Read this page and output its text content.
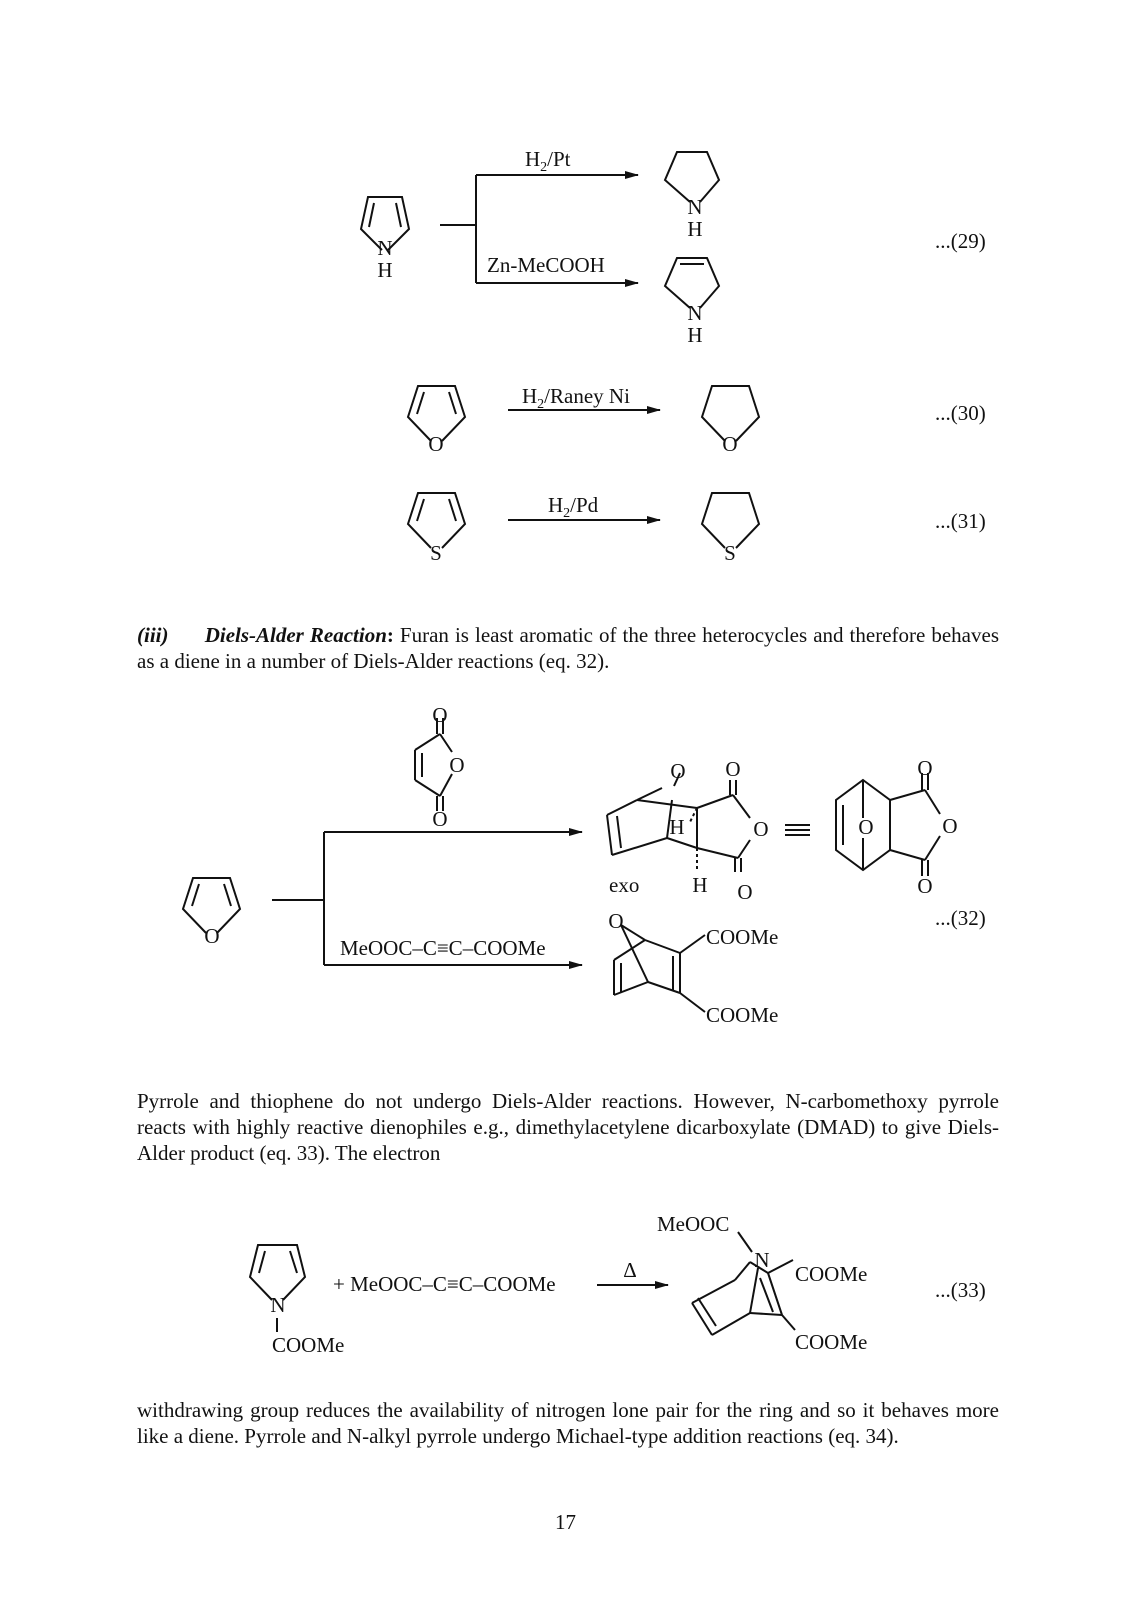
N
H
$H_2/Pt$
Zn-MeCOOH
N
H
N
H
...(29)
O
$H_2$/Raney Ni
O
...(30)
S
$H_2/Pd$
S
...(31)
O
O
O
O
O O
O
O
H
H
exo
O
O
O
O
MeOOC–C≡C–COOMe
O
COOMe
COOMe
...(32)
N
COOMe
+ MeOOC–C≡C–COOMe
Δ
MeOOC
N
COOMe
COOMe
...(33)
(iii) Diels-Alder Reaction: Furan is least aromatic of the three heterocycles and therefore behaves as a diene in a number of Diels-Alder reactions (eq. 32).
Pyrrole and thiophene do not undergo Diels-Alder reactions. However, N-carbomethoxy pyrrole reacts with highly reactive dienophiles e.g., dimethylacetylene dicarboxylate (DMAD) to give Diels-Alder product (eq. 33). The electron
withdrawing group reduces the availability of nitrogen lone pair for the ring and so it behaves more like a diene. Pyrrole and N-alkyl pyrrole undergo Michael-type addition reactions (eq. 34).
17
